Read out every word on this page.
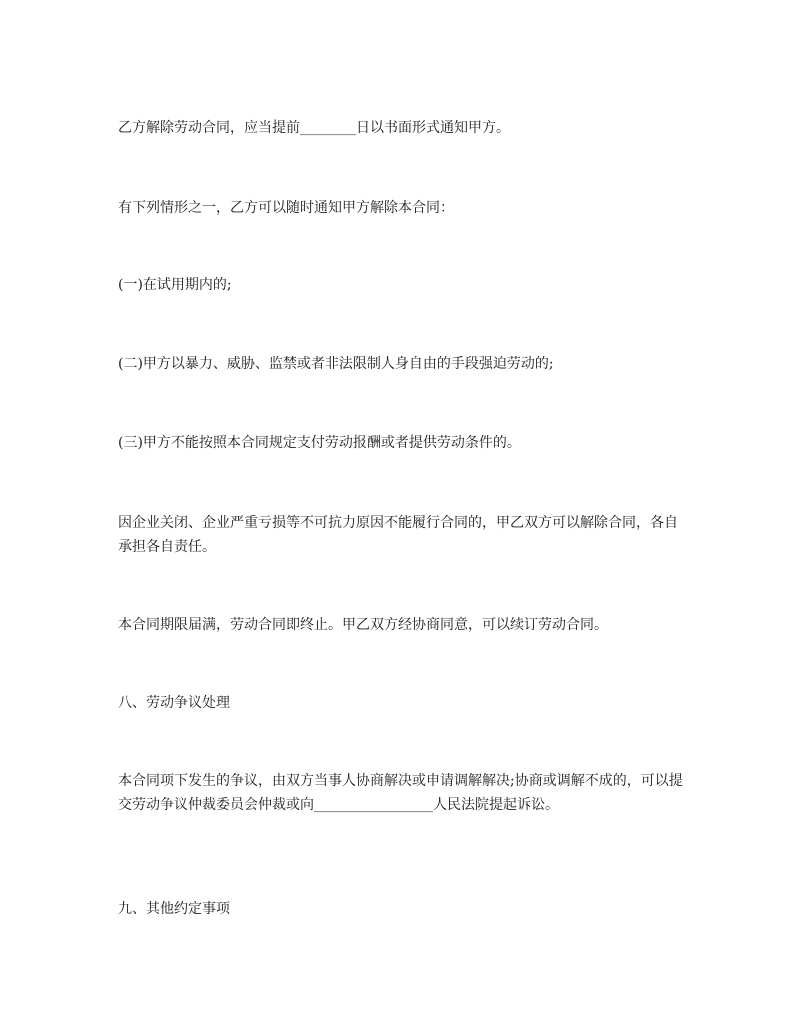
乙方解除劳动合同，应当提前________日以书面形式通知甲方。

有下列情形之一，乙方可以随时通知甲方解除本合同：

(一)在试用期内的;

(二)甲方以暴力、威胁、监禁或者非法限制人身自由的手段强迫劳动的;

(三)甲方不能按照本合同规定支付劳动报酬或者提供劳动条件的。

因企业关闭、企业严重亏损等不可抗力原因不能履行合同的，甲乙双方可以解除合同，各自承担各自责任。

本合同期限届满，劳动合同即终止。甲乙双方经协商同意，可以续订劳动合同。

八、劳动争议处理

本合同项下发生的争议，由双方当事人协商解决或申请调解解决;协商或调解不成的，可以提交劳动争议仲裁委员会仲裁或向_________________人民法院提起诉讼。

九、其他约定事项
